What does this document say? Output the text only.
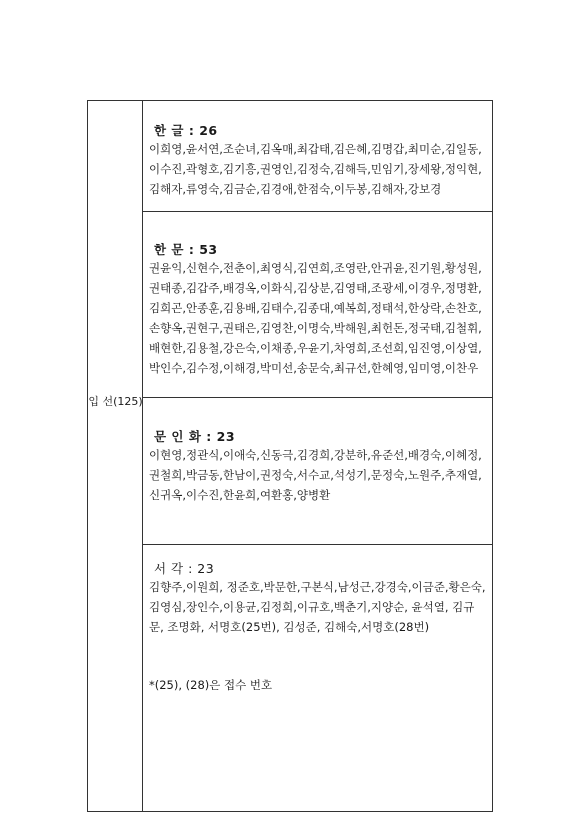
입 선(125)
한 글 : 26
이희영,윤서연,조순녀,김옥매,최갑태,김은혜,김명갑,최미순,김일동,이수진,곽형호,김기흥,권영인,김정숙,김해득,민임기,장세왕,정익현,김해자,류영숙,김금순,김경애,한점숙,이두봉,김해자,강보경
한 문 : 53
권윤익,신현수,전춘이,최영식,김연희,조영란,안귀윤,진기원,황성원,권태종,김갑주,배경옥,이화식,김상분,김영태,조광세,이경우,정명환,김희곤,안종훈,김용배,김태수,김종대,예복희,정태석,한상락,손찬호,손향옥,권현구,권태은,김영찬,이명숙,박해원,최헌돈,정국태,김철휘,배현한,김용철,강은숙,이채종,우윤기,차영희,조선희,임진영,이상열,박인수,김수정,이해경,박미선,송문숙,최규선,한혜영,임미영,이찬우
문 인 화 : 23
이현영,정관식,이애숙,신동극,김경희,강분하,유준선,배경숙,이혜정,권철희,박금동,한남이,권정숙,서수교,석성기,문정숙,노원주,추재열,신귀옥,이수진,한윤희,여환홍,양병환
서 각 : 23
김향주,이원희, 정준호,박문한,구본식,남성근,강경숙,이금준,황은숙,김영심,장인수,이용균,김정희,이규호,백춘기,지양순, 윤석열, 김규문, 조명화, 서명호(25번), 김성준, 김해숙,서명호(28번)
*(25), (28)은 접수 번호
